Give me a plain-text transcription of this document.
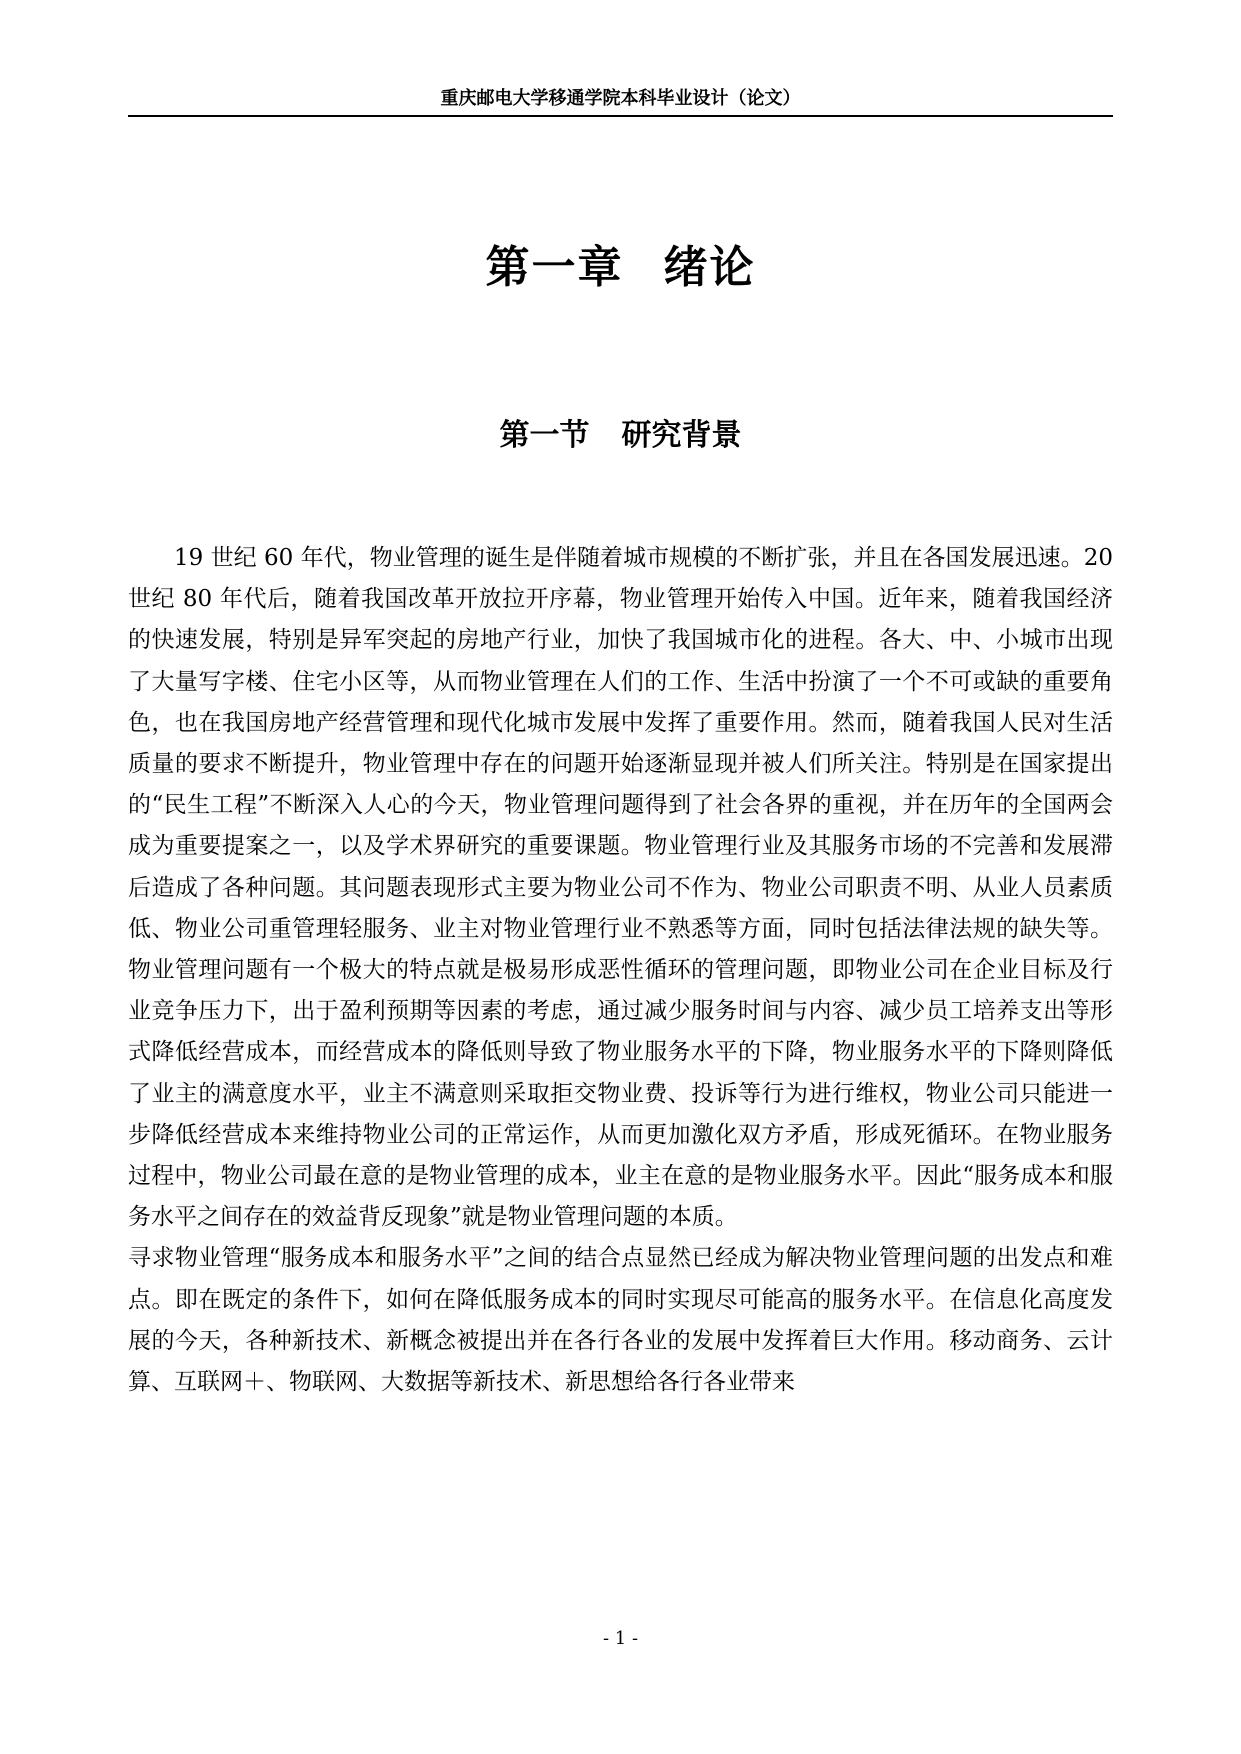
重庆邮电大学移通学院本科毕业设计（论文）
第一章 绪论
第一节 研究背景

19 世纪 60 年代，物业管理的诞生是伴随着城市规模的不断扩张，并且在各国发展迅速。20 世纪 80 年代后，随着我国改革开放拉开序幕，物业管理开始传入中国。近年来，随着我国经济的快速发展，特别是异军突起的房地产行业，加快了我国城市化的进程。各大、中、小城市出现了大量写字楼、住宅小区等，从而物业管理在人们的工作、生活中扮演了一个不可或缺的重要角色，也在我国房地产经营管理和现代化城市发展中发挥了重要作用。然而，随着我国人民对生活质量的要求不断提升，物业管理中存在的问题开始逐渐显现并被人们所关注。特别是在国家提出的“民生工程”不断深入人心的今天，物业管理问题得到了社会各界的重视，并在历年的全国两会成为重要提案之一，以及学术界研究的重要课题。物业管理行业及其服务市场的不完善和发展滞后造成了各种问题。其问题表现形式主要为物业公司不作为、物业公司职责不明、从业人员素质低、物业公司重管理轻服务、业主对物业管理行业不熟悉等方面，同时包括法律法规的缺失等。物业管理问题有一个极大的特点就是极易形成恶性循环的管理问题，即物业公司在企业目标及行业竞争压力下，出于盈利预期等因素的考虑，通过减少服务时间与内容、减少员工培养支出等形式降低经营成本，而经营成本的降低则导致了物业服务水平的下降，物业服务水平的下降则降低了业主的满意度水平，业主不满意则采取拒交物业费、投诉等行为进行维权，物业公司只能进一步降低经营成本来维持物业公司的正常运作，从而更加激化双方矛盾，形成死循环。在物业服务过程中，物业公司最在意的是物业管理的成本，业主在意的是物业服务水平。因此“服务成本和服务水平之间存在的效益背反现象”就是物业管理问题的本质。

寻求物业管理“服务成本和服务水平”之间的结合点显然已经成为解决物业管理问题的出发点和难点。即在既定的条件下，如何在降低服务成本的同时实现尽可能高的服务水平。在信息化高度发展的今天，各种新技术、新概念被提出并在各行各业的发展中发挥着巨大作用。移动商务、云计算、互联网＋、物联网、大数据等新技术、新思想给各行各业带来

- 1 -
